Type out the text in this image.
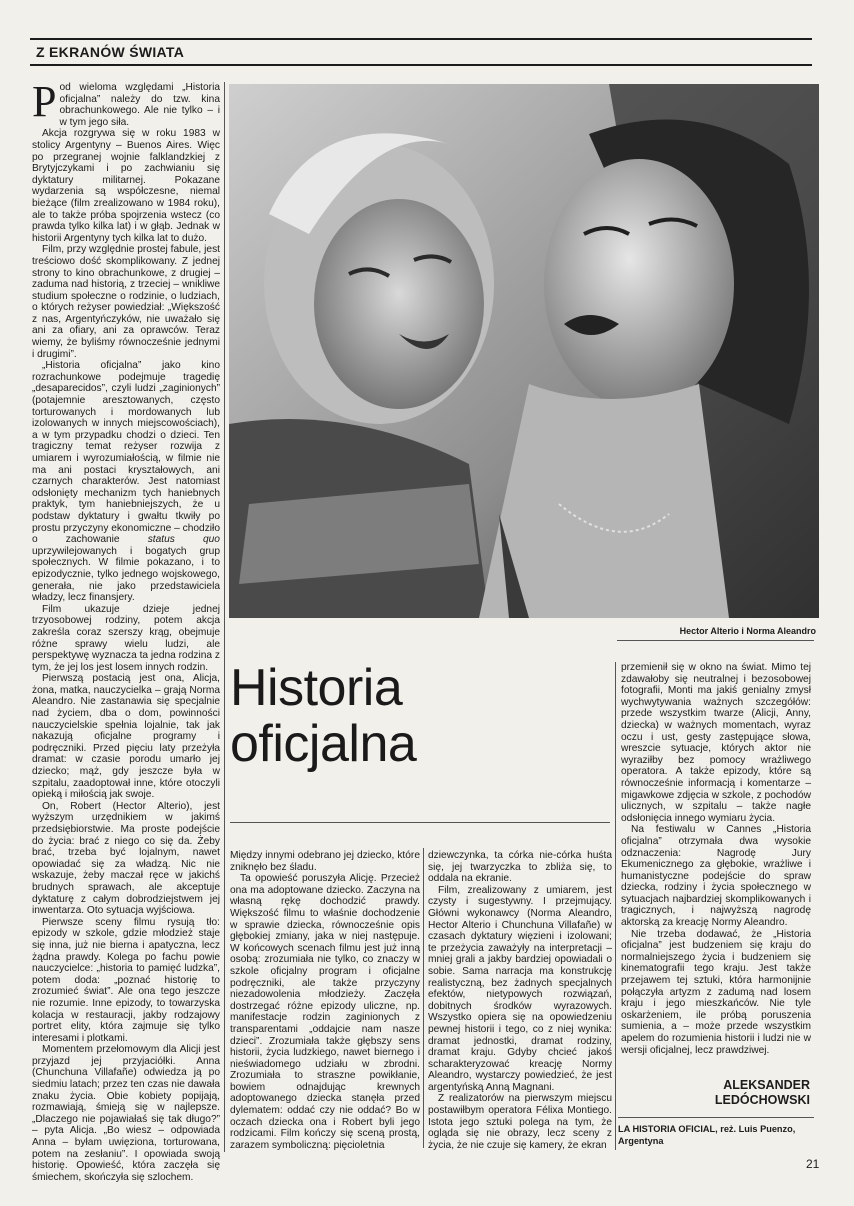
Z EKRANÓW ŚWIATA

Pod wieloma względami „Historia oficjalna” należy do tzw. kina obrachunkowego. Ale nie tylko – i w tym jego siła.

Akcja rozgrywa się w roku 1983 w stolicy Argentyny – Buenos Aires. Więc po przegranej wojnie falklandzkiej z Brytyjczykami i po zachwianiu się dyktatury militarnej. Pokazane wydarzenia są współczesne, niemal bieżące (film zrealizowano w 1984 roku), ale to także próba spojrzenia wstecz (co prawda tylko kilka lat) i w głąb. Jednak w historii Argentyny tych kilka lat to dużo.

Film, przy względnie prostej fabule, jest treściowo dość skomplikowany. Z jednej strony to kino obrachunkowe, z drugiej – zaduma nad historią, z trzeciej – wnikliwe studium społeczne o rodzinie, o ludziach, o których reżyser powiedział: „Większość z nas, Argentyńczyków, nie uważało się ani za ofiary, ani za oprawców. Teraz wiemy, że byliśmy równocześnie jednymi i drugimi”.

„Historia oficjalna” jako kino rozrachunkowe podejmuje tragedię „desaparecidos”, czyli ludzi „zaginionych” (potajemnie aresztowanych, często torturowanych i mordowanych lub izolowanych w innych miejscowościach), a w tym przypadku chodzi o dzieci. Ten tragiczny temat reżyser rozwija z umiarem i wyrozumiałością, w filmie nie ma ani postaci kryształowych, ani czarnych charakterów. Jest natomiast odsłonięty mechanizm tych haniebnych praktyk, tym haniebniejszych, że u podstaw dyktatury i gwałtu tkwiły po prostu przyczyny ekonomiczne – chodziło o zachowanie	status quo uprzywilejowanych i bogatych grup społecznych. W filmie pokazano, i to epizodycznie, tylko jednego wojskowego, generała, nie jako przedstawiciela władzy, lecz finansjery.

Film ukazuje dzieje jednej trzyosobowej rodziny, potem akcja zakreśla coraz szerszy krąg, obejmuje różne sprawy wielu ludzi, ale perspektywę wyznacza ta jedna rodzina z tym, że jej los jest losem innych rodzin.

Pierwszą postacią jest ona, Alicja, żona, matka, nauczycielka – grają Norma Aleandro. Nie zastanawia się specjalnie nad życiem, dba o dom, powinności nauczycielskie spełnia lojalnie, tak jak nakazują oficjalne programy i podręczniki. Przed pięciu laty przeżyła dramat: w czasie porodu umarło jej dziecko; mąż, gdy jeszcze była w szpitalu, zaadoptował inne, które otoczyli opieką i miłością jak swoje.

On, Robert (Hector Alterio), jest wyższym urzędnikiem w jakimś przedsiębiorstwie. Ma proste podejście do życia: brać z niego co się da. Żeby brać, trzeba być lojalnym, nawet opowiadać się za władzą. Nic nie wskazuje, żeby maczał ręce w jakichś brudnych sprawach, ale akceptuje dyktaturę z całym dobrodziejstwem jej inwentarza. Oto sytuacja wyjściowa.

Pierwsze sceny filmu rysują tło: epizody w szkole, gdzie młodzież staje się inna, już nie bierna i apatyczna, lecz żądna prawdy. Kolega po fachu powie nauczycielce: „historia to pamięć ludzka”, potem doda: „poznać historię to zrozumieć świat”. Ale ona tego jeszcze nie rozumie. Inne epizody, to towarzyska kolacja w restauracji, jakby rodzajowy portret elity, która zajmuje się tylko interesami i plotkami.

Momentem przełomowym dla Alicji jest przyjazd jej przyjaciółki. Anna (Chunchuna Villafañe) odwiedza ją po siedmiu latach; przez ten czas nie dawała znaku życia. Obie kobiety popijają, rozmawiają, śmieją się w najlepsze. „Dlaczego nie pojawiałaś się tak długo?” – pyta Alicja. „Bo wiesz – odpowiada Anna – byłam uwięziona, torturowana, potem na zesłaniu”. I opowiada swoją historię. Opowieść, która zaczęła się śmiechem, skończyła się szlochem.

Hector Alterio i Norma Aleandro
Historia
oficjalna

Między innymi odebrano jej dziecko, które zniknęło bez śladu.

Ta opowieść poruszyła Alicję. Przecież ona ma adoptowane dziecko. Zaczyna na własną rękę dochodzić prawdy. Większość filmu to właśnie dochodzenie w sprawie dziecka, równocześnie opis głębokiej zmiany, jaka w niej następuje. W końcowych scenach filmu jest już inną osobą: zrozumiała nie tylko, co znaczy w szkole oficjalny program i oficjalne podręczniki, ale także przyczyny niezadowolenia młodzieży. Zaczęła dostrzegać różne epizody uliczne, np. manifestacje rodzin zaginionych z transparentami „oddajcie nam nasze dzieci”. Zrozumiała także głębszy sens historii, życia ludzkiego, nawet biernego i nieświadomego udziału w zbrodni. Zrozumiała to straszne powikłanie, bowiem odnajdując krewnych adoptowanego dziecka stanęła przed dylematem: oddać czy nie oddać? Bo w oczach dziecka ona i Robert byli jego rodzicami. Film kończy się sceną prostą, zarazem symboliczną: pięcioletnia

dziewczynka, ta córka nie-córka huśta się, jej twarzyczka to zbliża się, to oddala na ekranie.

Film, zrealizowany z umiarem, jest czysty i sugestywny. I przejmujący. Główni wykonawcy (Norma Aleandro, Hector Alterio i Chunchuna Villafañe) w czasach dyktatury więzieni i izolowani; te przeżycia zaważyły na interpretacji – mniej grali a jakby bardziej opowiadali o sobie. Sama narracja ma konstrukcję realistyczną, bez żadnych specjalnych efektów, nietypowych rozwiązań, dobitnych środków wyrazowych. Wszystko opiera się na opowiedzeniu pewnej historii i tego, co z niej wynika: dramat jednostki, dramat rodziny, dramat kraju. Gdyby chcieć jakoś scharakteryzować kreację Normy Aleandro, wystarczy powiedzieć, że jest argentyńską Anną Magnani.

Z realizatorów na pierwszym miejscu postawiłbym operatora Félixa Montiego. Istota jego sztuki polega na tym, że ogląda się nie obrazy, lecz sceny z życia, że nie czuje się kamery, że ekran

przemienił się w okno na świat. Mimo tej zdawałoby się neutralnej i bezosobowej fotografii, Monti ma jakiś genialny zmysł wychwytywania ważnych szczegółów: przede wszystkim twarze (Alicji, Anny, dziecka) w ważnych momentach, wyraz oczu i ust, gesty zastępujące słowa, wreszcie sytuacje, których aktor nie wyraziłby bez pomocy wrażliwego operatora. A także epizody, które są równocześnie informacją i komentarze – migawkowe zdjęcia w szkole, z pochodów ulicznych, w szpitalu – także nagłe odsłonięcia innego wymiaru życia.

Na festiwalu w Cannes „Historia oficjalna” otrzymała dwa wysokie odznaczenia: Nagrodę Jury Ekumenicznego za głębokie, wrażliwe i humanistyczne podejście do spraw dziecka, rodziny i życia społecznego w sytuacjach najbardziej skomplikowanych i tragicznych, i najwyższą nagrodę aktorską za kreację Normy Aleandro.

Nie trzeba dodawać, że „Historia oficjalna” jest budzeniem się kraju do normalniejszego życia i budzeniem się kinematografii tego kraju. Jest także przejawem tej sztuki, która harmonijnie połączyła artyzm z zadumą nad losem kraju i jego mieszkańców. Nie tyle oskarżeniem, ile próbą poruszenia sumienia, a – może przede wszystkim apelem do rozumienia historii i ludzi nie w wersji oficjalnej, lecz prawdziwej.

ALEKSANDER
LEDÓCHOWSKI
LA HISTORIA OFICIAL, reż. Luis Puenzo, Argentyna
21
